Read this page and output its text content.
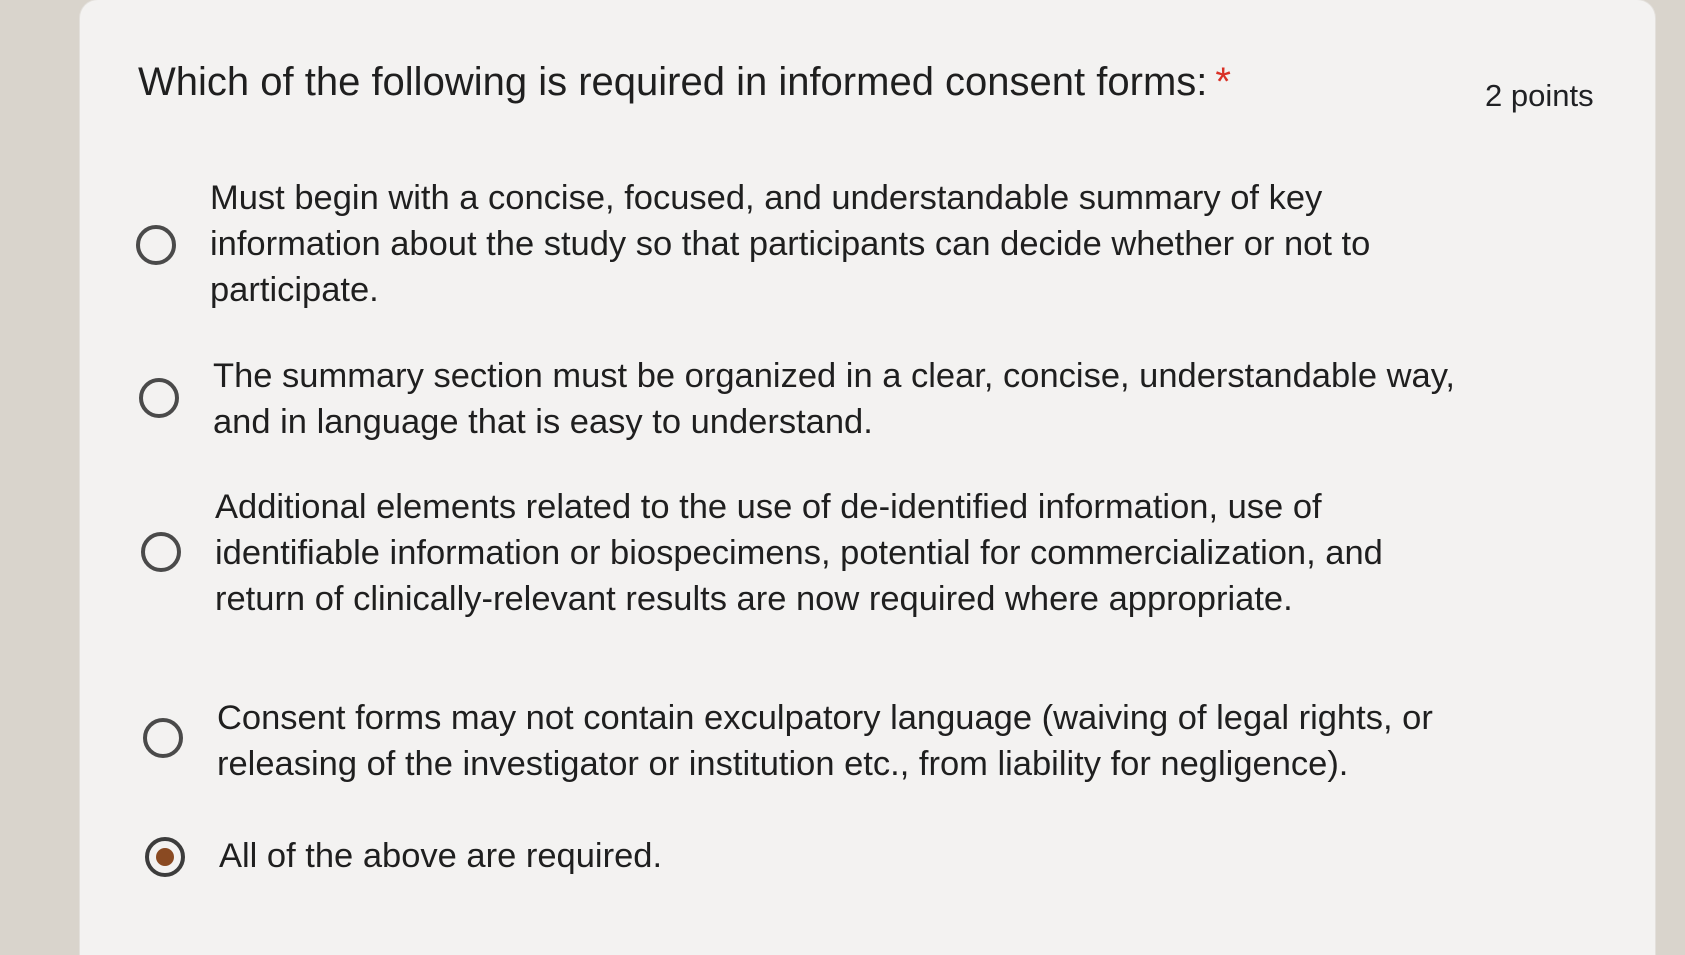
Which of the following is required in informed consent forms: *	2 points
Must begin with a concise, focused, and understandable summary of key
information about the study so that participants can decide whether or not to
participate.
The summary section must be organized in a clear, concise, understandable way,
and in language that is easy to understand.
Additional elements related to the use of de-identified information, use of
identifiable information or biospecimens, potential for commercialization, and
return of clinically-relevant results are now required where appropriate.
Consent forms may not contain exculpatory language (waiving of legal rights, or
releasing of the investigator or institution etc., from liability for negligence).
All of the above are required.
